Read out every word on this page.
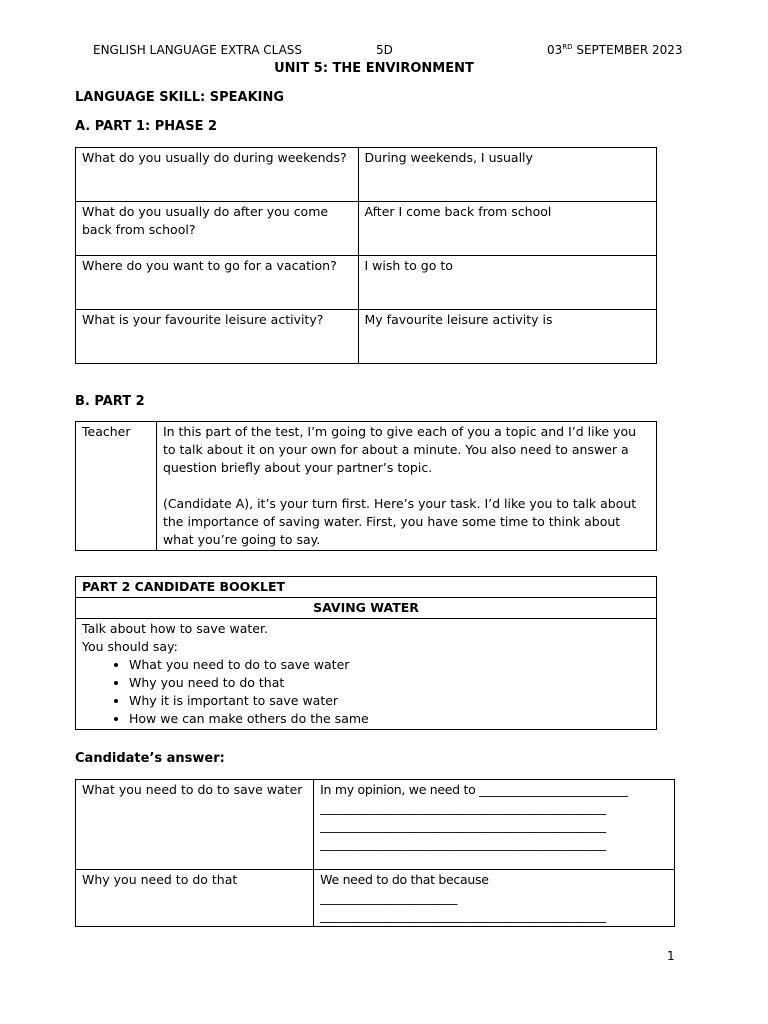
ENGLISH LANGUAGE EXTRA CLASS	5D	03RD SEPTEMBER 2023
UNIT 5: THE ENVIRONMENT
LANGUAGE SKILL: SPEAKING
A. PART 1: PHASE 2
What do you usually do during weekends?	During weekends, I usually
What do you usually do after you come back from school?	After I come back from school
Where do you want to go for a vacation?	I wish to go to
What is your favourite leisure activity?	My favourite leisure activity is
B. PART 2
Teacher	In this part of the test, I’m going to give each of you a topic and I’d like you to talk about it on your own for about a minute. You also need to answer a question briefly about your partner’s topic.
(Candidate A), it’s your turn first. Here’s your task. I’d like you to talk about the importance of saving water. First, you have some time to think about what you’re going to say.
PART 2 CANDIDATE BOOKLET
SAVING WATER

Talk about how to save water.
You should say:
• What you need to do to save water
• Why you need to do that
• Why it is important to save water
• How we can make others do the same
Candidate’s answer:
What you need to do to save water	In my opinion, we need to _________________________
________________________________________________
________________________________________________
________________________________________________

Why you need to do that	We need to do that because
_______________________
________________________________________________
1
